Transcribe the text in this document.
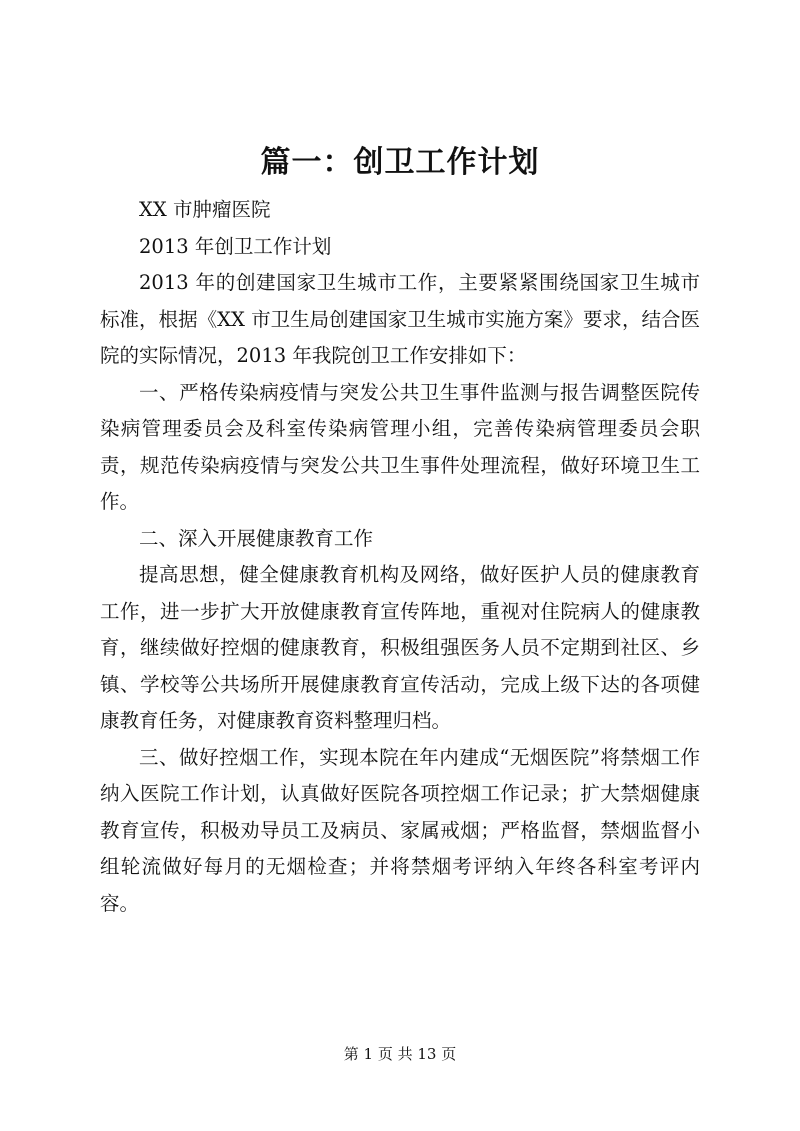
篇一：创卫工作计划

XX 市肿瘤医院

2013 年创卫工作计划

2013 年的创建国家卫生城市工作，主要紧紧围绕国家卫生城市标准，根据《XX 市卫生局创建国家卫生城市实施方案》要求，结合医院的实际情况，2013 年我院创卫工作安排如下：

一、严格传染病疫情与突发公共卫生事件监测与报告调整医院传染病管理委员会及科室传染病管理小组，完善传染病管理委员会职责，规范传染病疫情与突发公共卫生事件处理流程，做好环境卫生工作。

二、深入开展健康教育工作

提高思想，健全健康教育机构及网络，做好医护人员的健康教育工作，进一步扩大开放健康教育宣传阵地，重视对住院病人的健康教育，继续做好控烟的健康教育，积极组强医务人员不定期到社区、乡镇、学校等公共场所开展健康教育宣传活动，完成上级下达的各项健康教育任务，对健康教育资料整理归档。

三、做好控烟工作，实现本院在年内建成“无烟医院”将禁烟工作纳入医院工作计划，认真做好医院各项控烟工作记录；扩大禁烟健康教育宣传，积极劝导员工及病员、家属戒烟；严格监督，禁烟监督小组轮流做好每月的无烟检查；并将禁烟考评纳入年终各科室考评内容。

第 1 页 共 13 页
